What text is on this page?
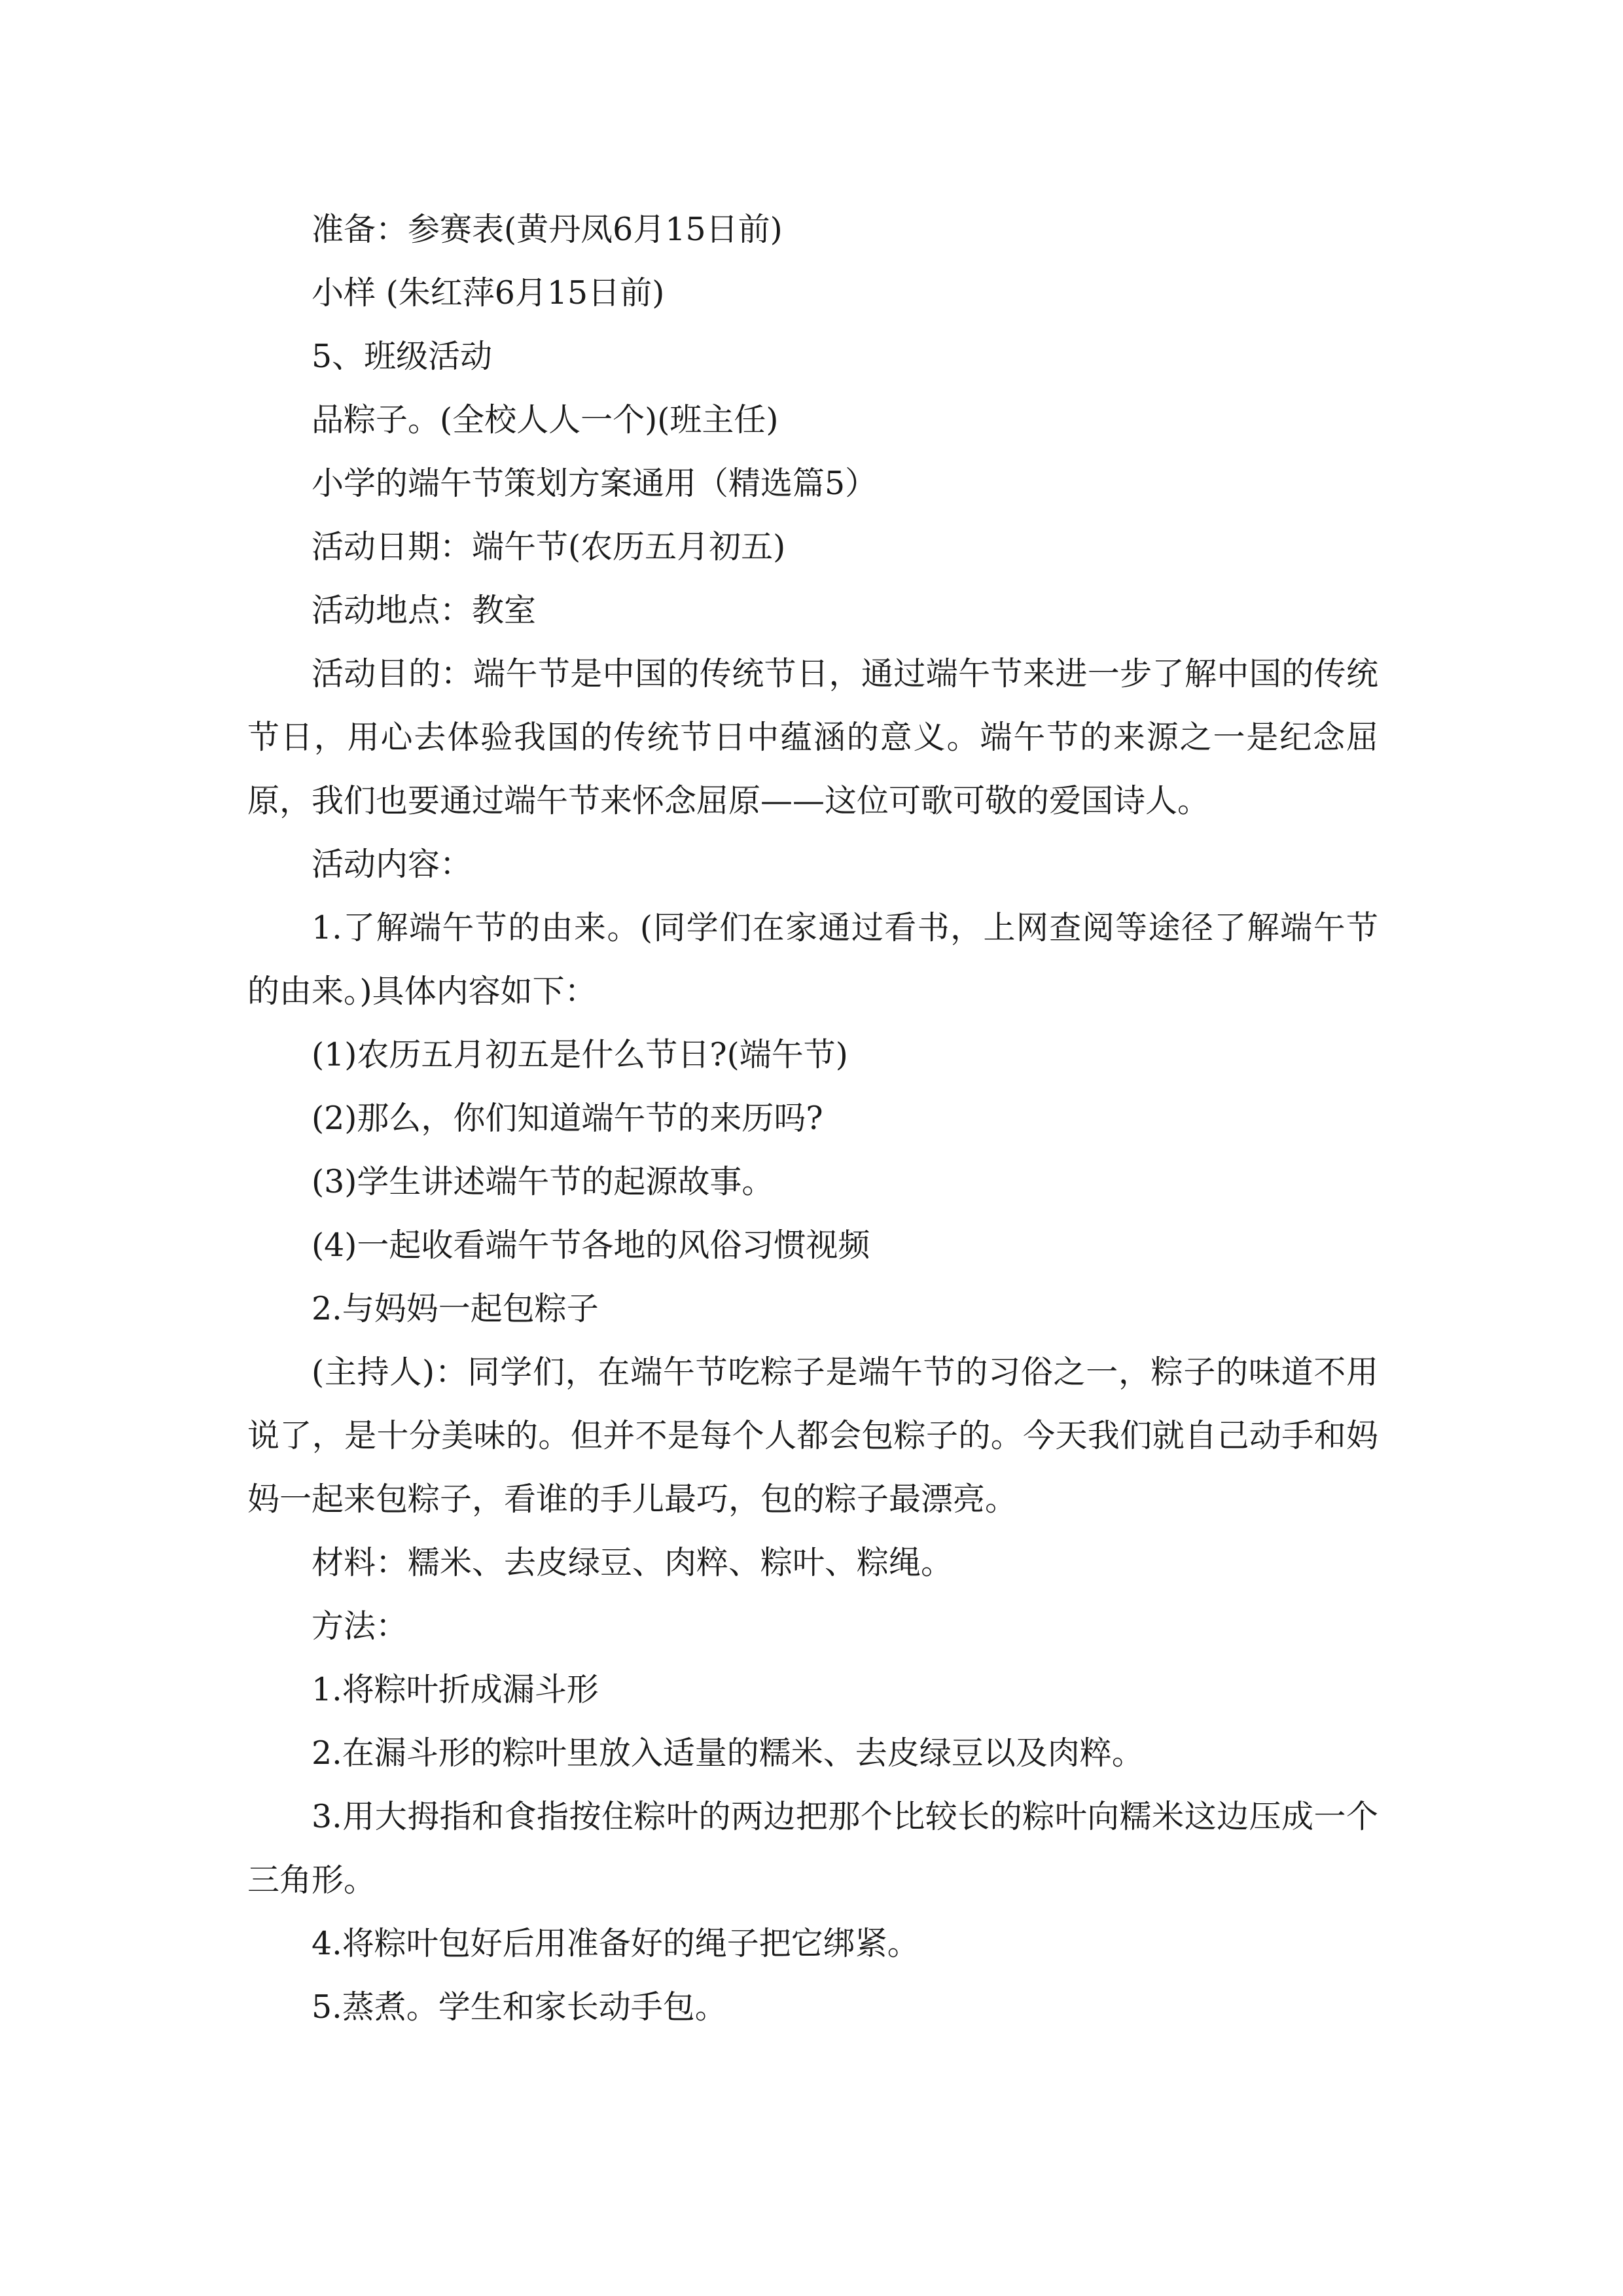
准备：参赛表(黄丹凤6月15日前)

小样 (朱红萍6月15日前)

5、班级活动

品粽子。(全校人人一个)(班主任)

小学的端午节策划方案通用（精选篇5）

活动日期：端午节(农历五月初五)

活动地点：教室

活动目的：端午节是中国的传统节日，通过端午节来进一步了解中国的传统节日，用心去体验我国的传统节日中蕴涵的意义。端午节的来源之一是纪念屈原，我们也要通过端午节来怀念屈原——这位可歌可敬的爱国诗人。

活动内容：

1.了解端午节的由来。(同学们在家通过看书，上网查阅等途径了解端午节的由来。)具体内容如下：

(1)农历五月初五是什么节日?(端午节)

(2)那么，你们知道端午节的来历吗?

(3)学生讲述端午节的起源故事。

(4)一起收看端午节各地的风俗习惯视频

2.与妈妈一起包粽子

(主持人)：同学们，在端午节吃粽子是端午节的习俗之一，粽子的味道不用说了，是十分美味的。但并不是每个人都会包粽子的。今天我们就自己动手和妈妈一起来包粽子，看谁的手儿最巧，包的粽子最漂亮。

材料：糯米、去皮绿豆、肉粹、粽叶、粽绳。

方法：

1.将粽叶折成漏斗形

2.在漏斗形的粽叶里放入适量的糯米、去皮绿豆以及肉粹。

3.用大拇指和食指按住粽叶的两边把那个比较长的粽叶向糯米这边压成一个三角形。

4.将粽叶包好后用准备好的绳子把它绑紧。

5.蒸煮。学生和家长动手包。
